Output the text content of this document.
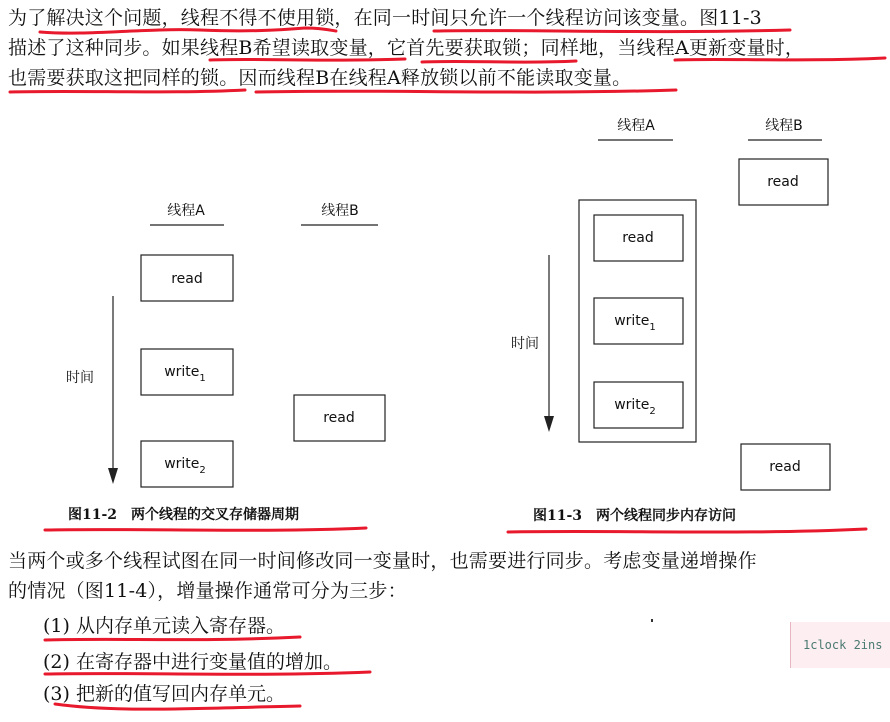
为了解决这个问题，线程不得不使用锁，在同一时间只允许一个线程访问该变量。图11-3
描述了这种同步。如果线程B希望读取变量，它首先要获取锁；同样地，当线程A更新变量时，
也需要获取这把同样的锁。因而线程B在线程A释放锁以前不能读取变量。

线程A	线程B
read
write$_1$
write$_2$
read
时间
图11-2　两个线程的交叉存储器周期
线程A	线程B
read
read
write$_1$
write$_2$
read
时间
图11-3　两个线程同步内存访问

当两个或多个线程试图在同一时间修改同一变量时，也需要进行同步。考虑变量递增操作
的情况（图11-4），增量操作通常可分为三步：

(1) 从内存单元读入寄存器。
(2) 在寄存器中进行变量值的增加。
(3) 把新的值写回内存单元。
1clock 2ins
